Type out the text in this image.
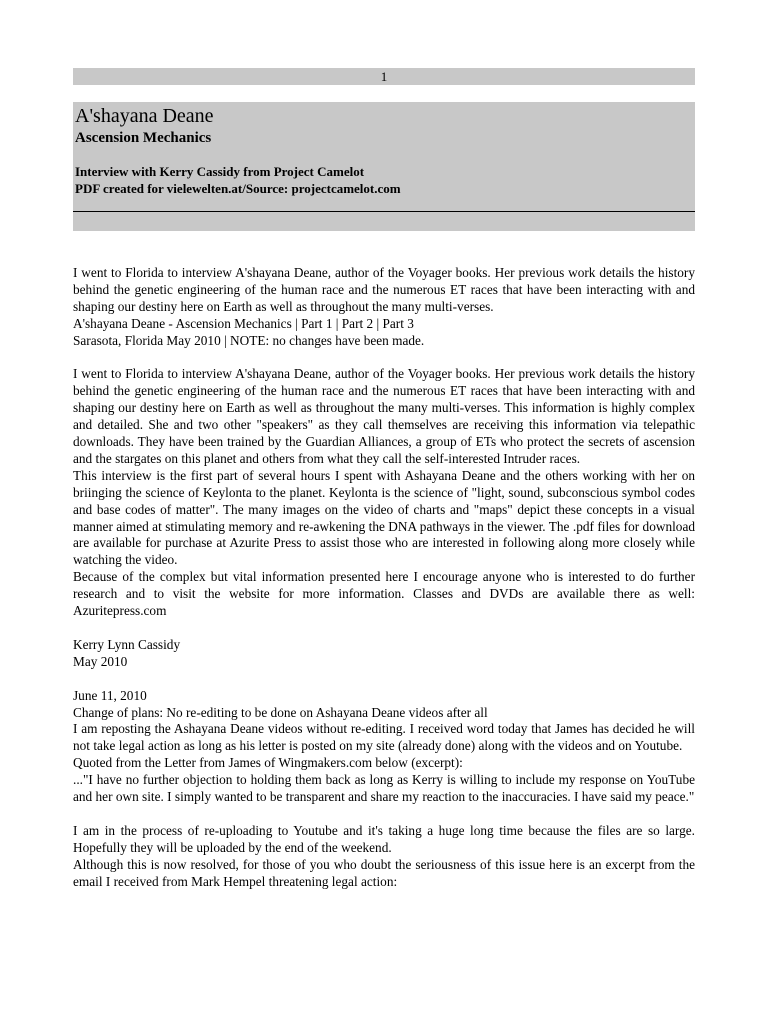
1
A'shayana Deane
Ascension Mechanics
Interview with Kerry Cassidy from Project Camelot
PDF created for vielewelten.at/Source: projectcamelot.com

I went to Florida to interview A'shayana Deane, author of the Voyager books. Her previous work details the history behind the genetic engineering of the human race and the numerous ET races that have been interacting with and shaping our destiny here on Earth as well as throughout the many multi-verses.

A'shayana Deane - Ascension Mechanics | Part 1 | Part 2 | Part 3

Sarasota, Florida May 2010 | NOTE: no changes have been made.

I went to Florida to interview A'shayana Deane, author of the Voyager books. Her previous work details the history behind the genetic engineering of the human race and the numerous ET races that have been interacting with and shaping our destiny here on Earth as well as throughout the many multi-verses. This information is highly complex and detailed. She and two other "speakers" as they call themselves are receiving this information via telepathic downloads. They have been trained by the Guardian Alliances, a group of ETs who protect the secrets of ascension and the stargates on this planet and others from what they call the self-interested Intruder races.

This interview is the first part of several hours I spent with Ashayana Deane and the others working with her on briinging the science of Keylonta to the planet. Keylonta is the science of "light, sound, subconscious symbol codes and base codes of matter". The many images on the video of charts and "maps" depict these concepts in a visual manner aimed at stimulating memory and re-awkening the DNA pathways in the viewer. The .pdf files for download are available for purchase at Azurite Press to assist those who are interested in following along more closely while watching the video.

Because of the complex but vital information presented here I encourage anyone who is interested to do further research and to visit the website for more information. Classes and DVDs are available there as well: Azuritepress.com

Kerry Lynn Cassidy

May 2010

June 11, 2010

Change of plans: No re-editing to be done on Ashayana Deane videos after all

I am reposting the Ashayana Deane videos without re-editing. I received word today that James has decided he will not take legal action as long as his letter is posted on my site (already done) along with the videos and on Youtube.

Quoted from the Letter from James of Wingmakers.com below (excerpt):

..."I have no further objection to holding them back as long as Kerry is willing to include my response on YouTube and her own site. I simply wanted to be transparent and share my reaction to the inaccuracies. I have said my peace."

I am in the process of re-uploading to Youtube and it's taking a huge long time because the files are so large. Hopefully they will be uploaded by the end of the weekend.

Although this is now resolved, for those of you who doubt the seriousness of this issue here is an excerpt from the email I received from Mark Hempel threatening legal action:
